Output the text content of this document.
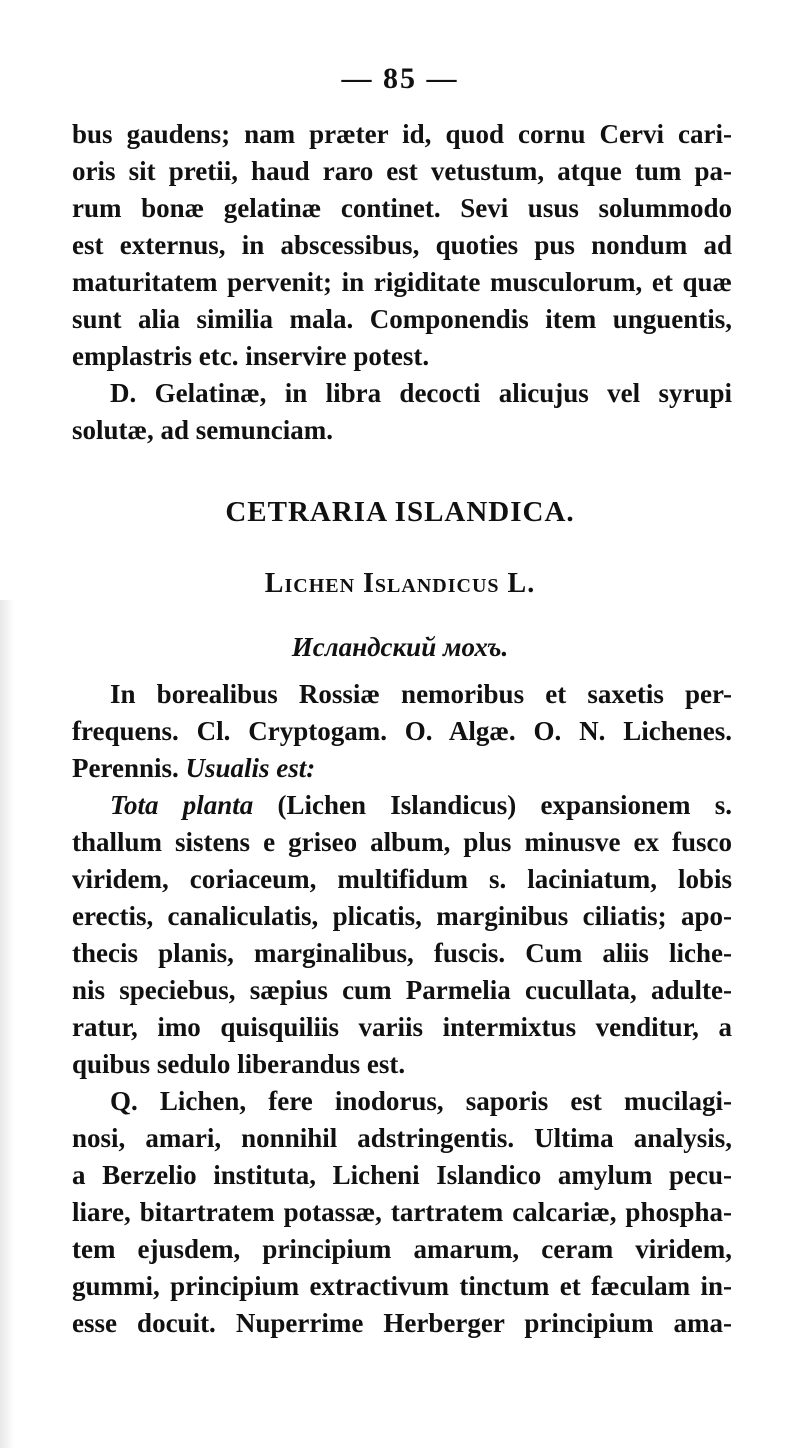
— 85 —
bus gaudens; nam præter id, quod cornu Cervi cari-
oris sit pretii, haud raro est vetustum, atque tum pa-
rum bonæ gelatinæ continet. Sevi usus solummodo
est externus, in abscessibus, quoties pus nondum ad
maturitatem pervenit; in rigiditate musculorum, et quæ
sunt alia similia mala. Componendis item unguentis,
emplastris etc. inservire potest.
D. Gelatinæ, in libra decocti alicujus vel syrupi
solutæ, ad semunciam.
CETRARIA ISLANDICA.
Lichen Islandicus L.
Исландский мохъ.
In borealibus Rossiæ nemoribus et saxetis per-
frequens. Cl. Cryptogam. O. Algæ. O. N. Lichenes.
Perennis. Usualis est:
Tota planta (Lichen Islandicus) expansionem s.
thallum sistens e griseo album, plus minusve ex fusco
viridem, coriaceum, multifidum s. laciniatum, lobis
erectis, canaliculatis, plicatis, marginibus ciliatis; apo-
thecis planis, marginalibus, fuscis. Cum aliis liche-
nis speciebus, sæpius cum Parmelia cucullata, adulte-
ratur, imo quisquiliis variis intermixtus venditur, a
quibus sedulo liberandus est.
Q. Lichen, fere inodorus, saporis est mucilagi-
nosi, amari, nonnihil adstringentis. Ultima analysis,
a Berzelio instituta, Licheni Islandico amylum pecu-
liare, bitartratem potassæ, tartratem calcariæ, phospha-
tem ejusdem, principium amarum, ceram viridem,
gummi, principium extractivum tinctum et fæculam in-
esse docuit. Nuperrime Herberger principium ama-
